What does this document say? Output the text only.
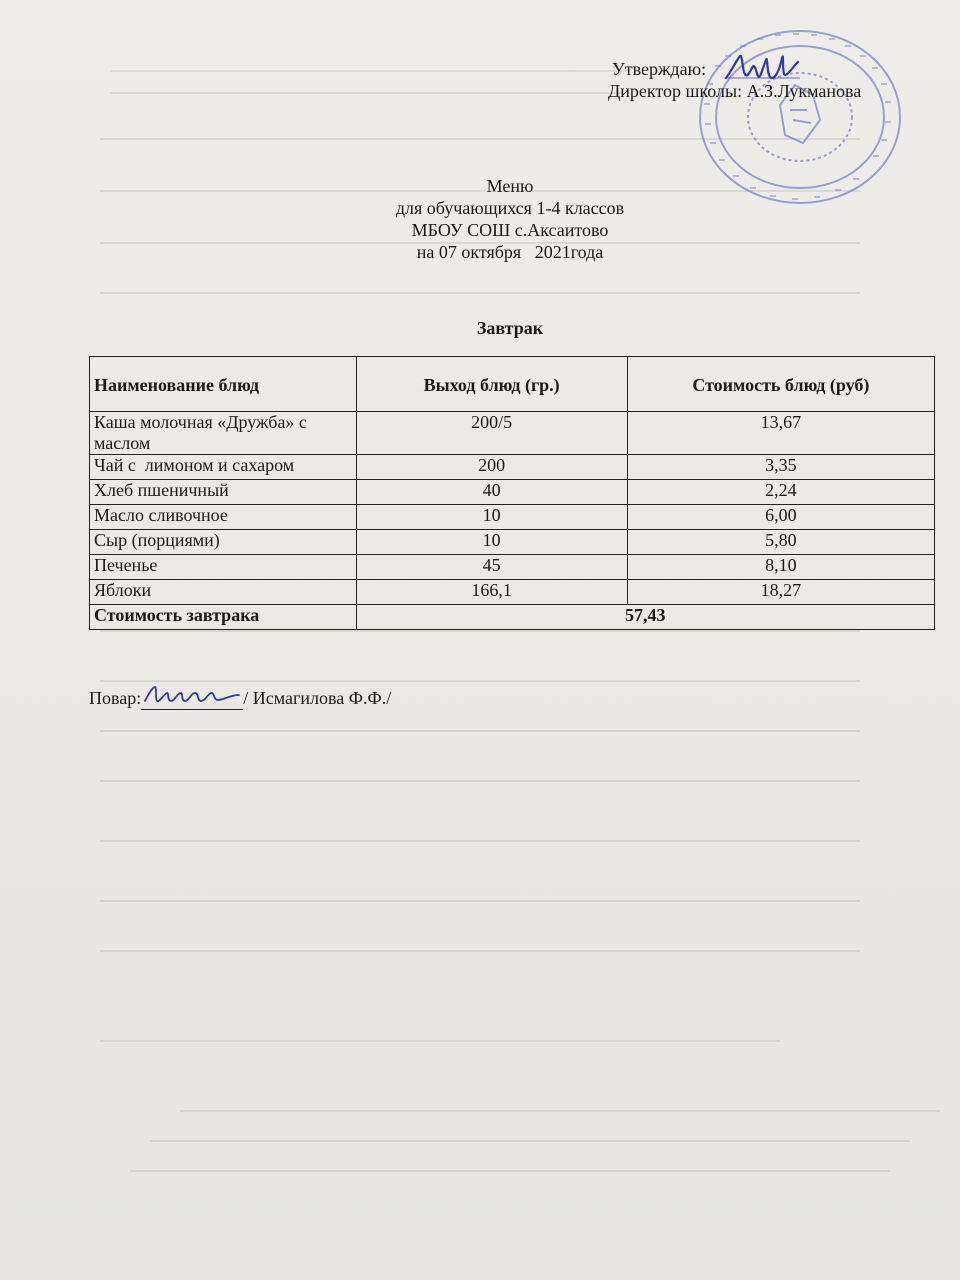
Утверждаю:
Директор школы: А.З.Лукманова
Меню
для обучающихся 1-4 классов
МБОУ СОШ с.Аксаитово
на 07 октября   2021года
Завтрак
Наименование блюд	Выход блюд (гр.)	Стоимость блюд (руб)
Каша молочная «Дружба» с маслом	200/5	13,67
Чай с  лимоном и сахаром	200	3,35
Хлеб пшеничный	40	2,24
Масло сливочное	10	6,00
Сыр (порциями)	10	5,80
Печенье	45	8,10
Яблоки	166,1	18,27
Стоимость завтрака	57,43	
Повар:	/ Исмагилова Ф.Ф./
